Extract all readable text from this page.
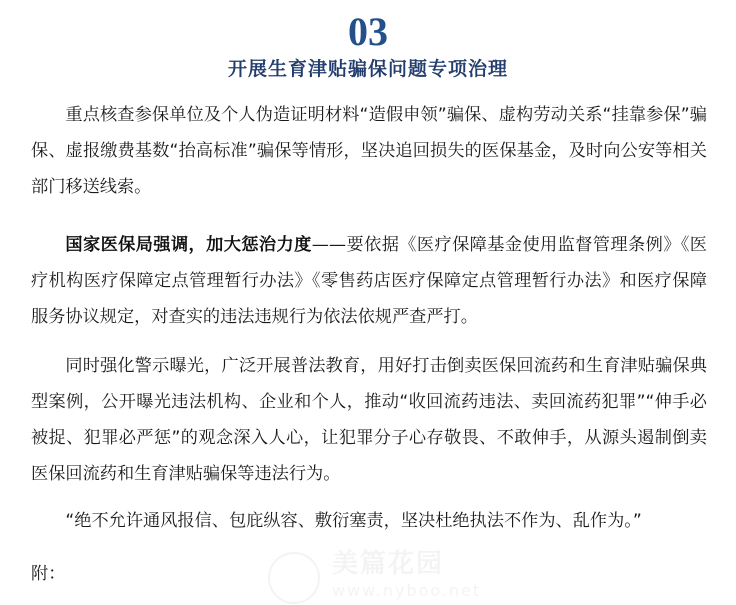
03
开展生育津贴骗保问题专项治理

重点核查参保单位及个人伪造证明材料“造假申领”骗保、虚构劳动关系“挂靠参保”骗保、虚报缴费基数“抬高标准”骗保等情形，坚决追回损失的医保基金，及时向公安等相关部门移送线索。

国家医保局强调，加大惩治力度——要依据《医疗保障基金使用监督管理条例》《医疗机构医疗保障定点管理暂行办法》《零售药店医疗保障定点管理暂行办法》和医疗保障服务协议规定，对查实的违法违规行为依法依规严查严打。

同时强化警示曝光，广泛开展普法教育，用好打击倒卖医保回流药和生育津贴骗保典型案例，公开曝光违法机构、企业和个人，推动“收回流药违法、卖回流药犯罪”“伸手必被捉、犯罪必严惩”的观念深入人心，让犯罪分子心存敬畏、不敢伸手，从源头遏制倒卖医保回流药和生育津贴骗保等违法行为。

“绝不允许通风报信、包庇纵容、敷衍塞责，坚决杜绝执法不作为、乱作为。”

附：	美篇花园
www.nyboo.net
